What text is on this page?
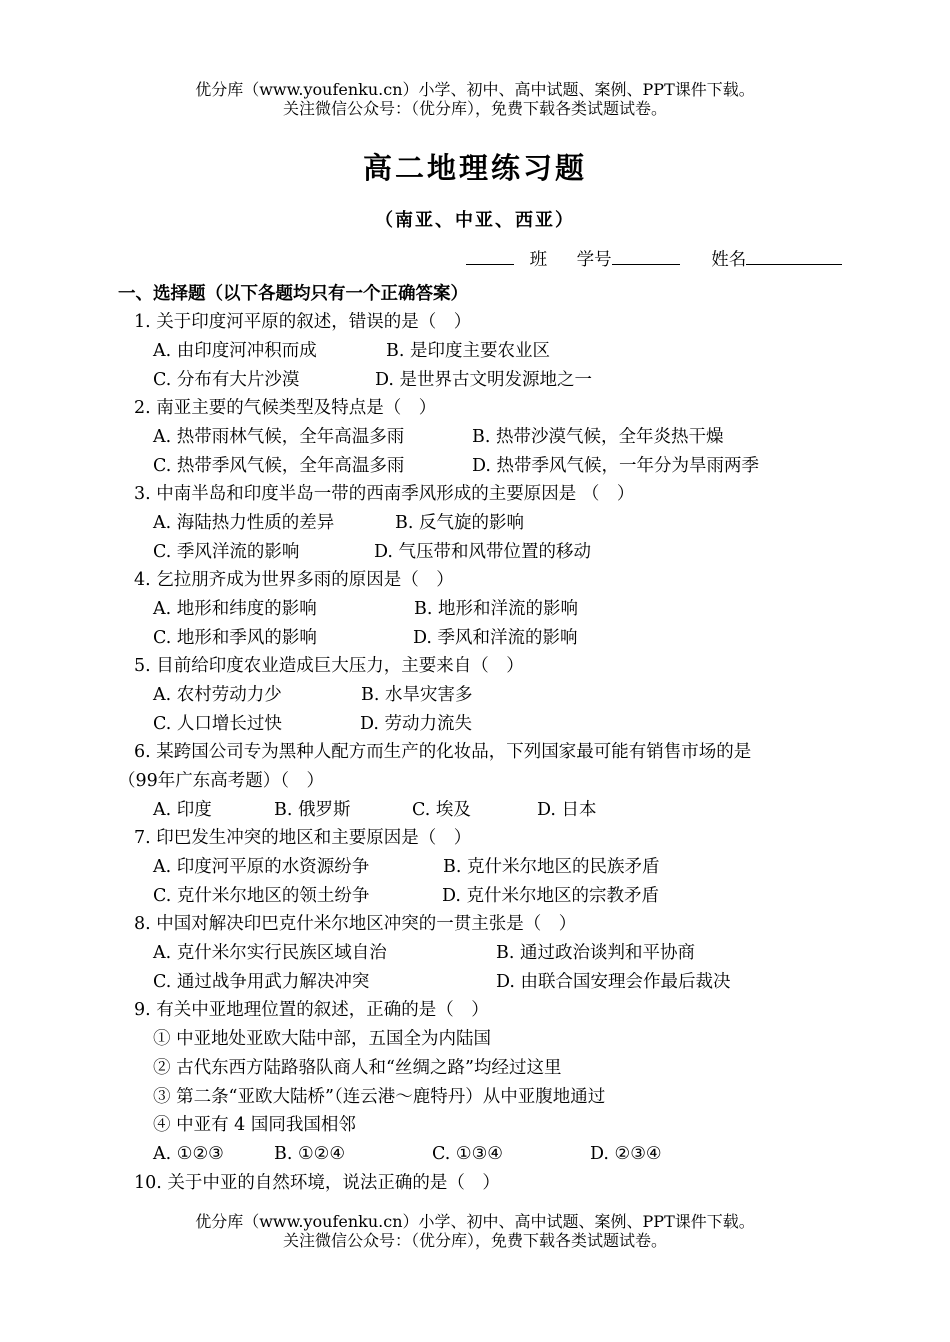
优分库（www.youfenku.cn）小学、初中、高中试题、案例、PPT课件下载。
关注微信公众号：（优分库），免费下载各类试题试卷。
高二地理练习题
（南亚、中亚、西亚）
班 学号	姓名
一、选择题（以下各题均只有一个正确答案）
1. 关于印度河平原的叙述，错误的是（　）
A. 由印度河冲积而成	B. 是印度主要农业区
C. 分布有大片沙漠	D. 是世界古文明发源地之一
2. 南亚主要的气候类型及特点是（　）
A. 热带雨林气候，全年高温多雨	B. 热带沙漠气候，全年炎热干燥
C. 热带季风气候，全年高温多雨	D. 热带季风气候，一年分为旱雨两季
3. 中南半岛和印度半岛一带的西南季风形成的主要原因是 （　）
A. 海陆热力性质的差异	B. 反气旋的影响
C. 季风洋流的影响	D. 气压带和风带位置的移动
4. 乞拉朋齐成为世界多雨的原因是（　）
A. 地形和纬度的影响	B. 地形和洋流的影响
C. 地形和季风的影响	D. 季风和洋流的影响
5. 目前给印度农业造成巨大压力，主要来自（　）
A. 农村劳动力少	B. 水旱灾害多
C. 人口增长过快	D. 劳动力流失
6. 某跨国公司专为黑种人配方而生产的化妆品，下列国家最可能有销售市场的是
（99年广东高考题）（　）
A. 印度	B. 俄罗斯	C. 埃及	D. 日本
7. 印巴发生冲突的地区和主要原因是（　）
A. 印度河平原的水资源纷争	B. 克什米尔地区的民族矛盾
C. 克什米尔地区的领土纷争	D. 克什米尔地区的宗教矛盾
8. 中国对解决印巴克什米尔地区冲突的一贯主张是（　）
A. 克什米尔实行民族区域自治	B. 通过政治谈判和平协商
C. 通过战争用武力解决冲突	D. 由联合国安理会作最后裁决
9. 有关中亚地理位置的叙述，正确的是（　）
① 中亚地处亚欧大陆中部，五国全为内陆国
② 古代东西方陆路骆队商人和“丝绸之路”均经过这里
③ 第二条“亚欧大陆桥”（连云港～鹿特丹）从中亚腹地通过
④ 中亚有 4 国同我国相邻
A. ①②③	B. ①②④	C. ①③④	D. ②③④
10. 关于中亚的自然环境，说法正确的是（　）
优分库（www.youfenku.cn）小学、初中、高中试题、案例、PPT课件下载。
关注微信公众号：（优分库），免费下载各类试题试卷。
